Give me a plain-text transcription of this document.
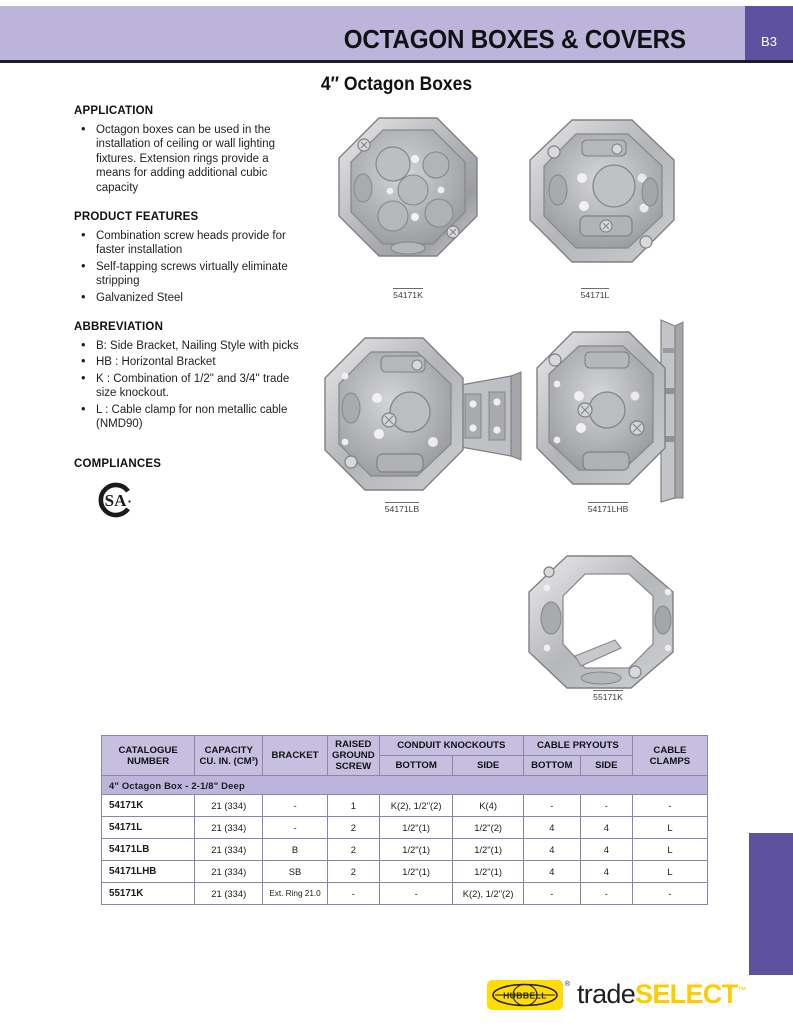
OCTAGON BOXES & COVERS	B3
4″ Octagon Boxes
APPLICATION
• Octagon boxes can be used in the installation of ceiling or wall lighting fixtures. Extension rings provide a means for adding additional cubic capacity
PRODUCT FEATURES
• Combination screw heads provide for faster installation
• Self-tapping screws virtually eliminate stripping
• Galvanized Steel
ABBREVIATION
• B: Side Bracket, Nailing Style with picks
• HB : Horizontal Bracket
• K : Combination of 1/2" and 3/4'' trade size knockout.
• L : Cable clamp for non metallic cable (NMD90)
COMPLIANCES
SA
54171K	54171L
54171LB	54171LHB
55171K
CATALOGUE NUMBER	CAPACITY CU. IN. (CM³)	BRACKET	RAISED GROUND SCREW	CONDUIT KNOCKOUTS		CABLE PRYOUTS		CABLE CLAMPS
				BOTTOM	SIDE	BOTTOM	SIDE	
4" Octagon Box - 2-1/8" Deep								
54171K	21 (334)	-	1	K(2), 1/2"(2)	K(4)	-	-	-
54171L	21 (334)	-	2	1/2"(1)	1/2"(2)	4	4	L
54171LB	21 (334)	B	2	1/2"(1)	1/2"(1)	4	4	L
54171LHB	21 (334)	SB	2	1/2"(1)	1/2"(1)	4	4	L
55171K	21 (334)	Ext. Ring 21.0	-	-	K(2), 1/2"(2)	-	-	-
HUBBELL
® tradeSELECT™
